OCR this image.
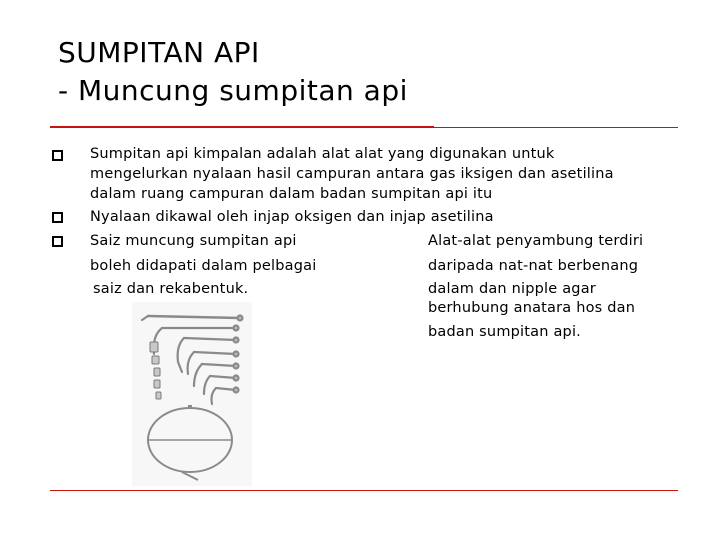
SUMPITAN API
- Muncung sumpitan api
Sumpitan api kimpalan adalah alat alat yang digunakan untuk
mengelurkan nyalaan hasil campuran antara gas iksigen dan asetilina
dalam ruang campuran dalam badan sumpitan api itu
Nyalaan dikawal oleh injap oksigen dan injap asetilina
Saiz muncung sumpitan api
boleh didapati dalam pelbagai
saiz dan rekabentuk.
Alat-alat penyambung terdiri
daripada nat-nat berbenang
dalam dan nipple agar
berhubung anatara hos dan
badan sumpitan api.
